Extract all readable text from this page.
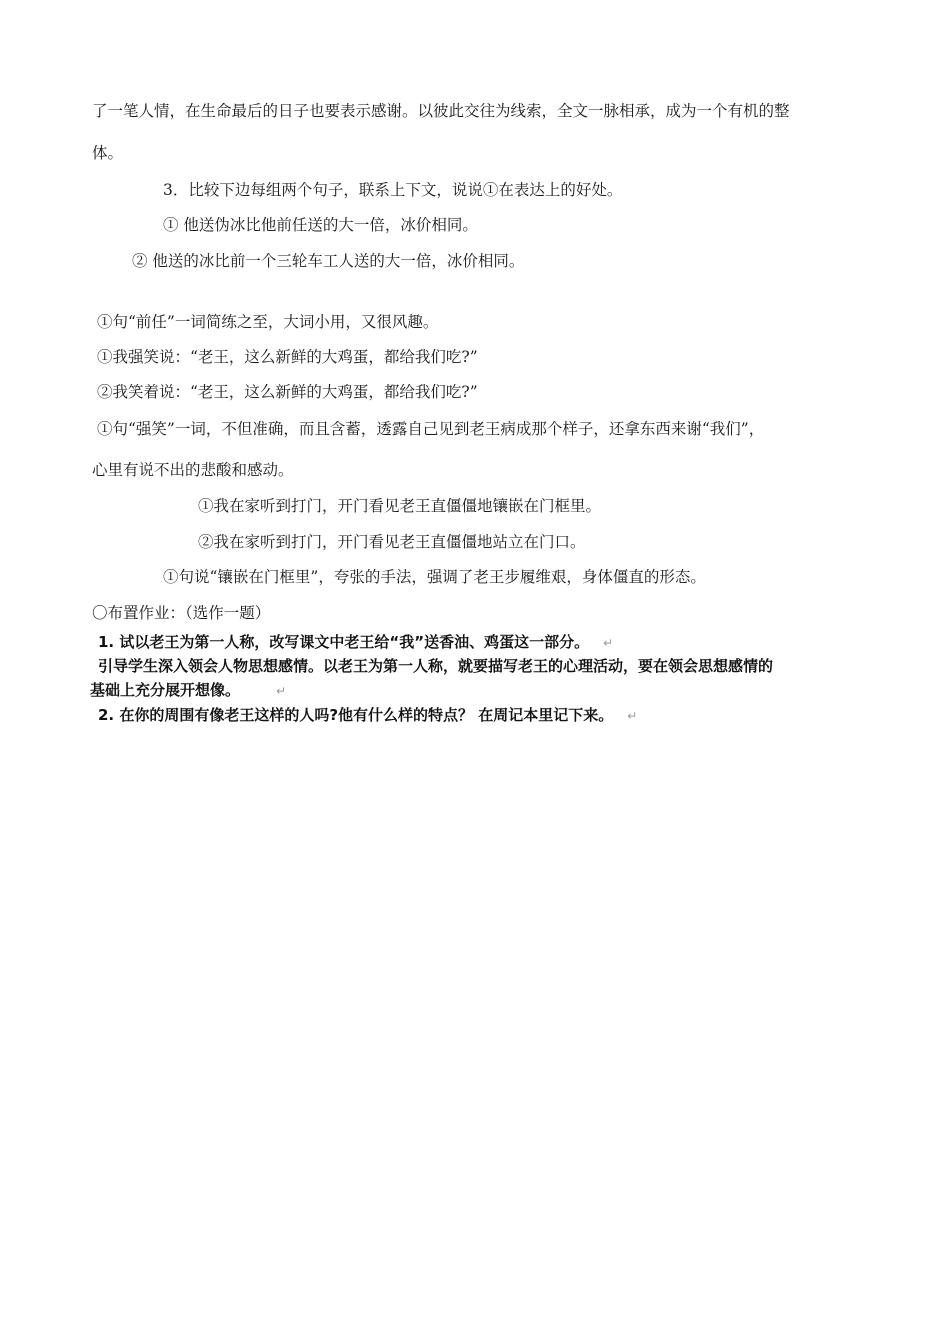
了一笔人情，在生命最后的日子也要表示感谢。以彼此交往为线索，全文一脉相承，成为一个有机的整
体。
3．比较下边每组两个句子，联系上下文，说说①在表达上的好处。
① 他送伪冰比他前任送的大一倍，冰价相同。
② 他送的冰比前一个三轮车工人送的大一倍，冰价相同。
①句“前任”一词简练之至，大词小用，又很风趣。
①我强笑说：“老王，这么新鲜的大鸡蛋，都给我们吃?”
②我笑着说：“老王，这么新鲜的大鸡蛋，都给我们吃?”
①句“强笑”一词，不但准确，而且含蓄，透露自己见到老王病成那个样子，还拿东西来谢“我们”，
心里有说不出的悲酸和感动。
①我在家听到打门，开门看见老王直僵僵地镶嵌在门框里。
②我在家听到打门，开门看见老王直僵僵地站立在门口。
①句说“镶嵌在门框里”，夸张的手法，强调了老王步履维艰，身体僵直的形态。
〇布置作业：（选作一题）
1. 试以老王为第一人称，改写课文中老王给“我”送香油、鸡蛋这一部分。 ↵
引导学生深入领会人物思想感情。以老王为第一人称，就要描写老王的心理活动，要在领会思想感情的
基础上充分展开想像。	↵
2. 在你的周围有像老王这样的人吗?他有什么样的特点？ 在周记本里记下来。 ↵
